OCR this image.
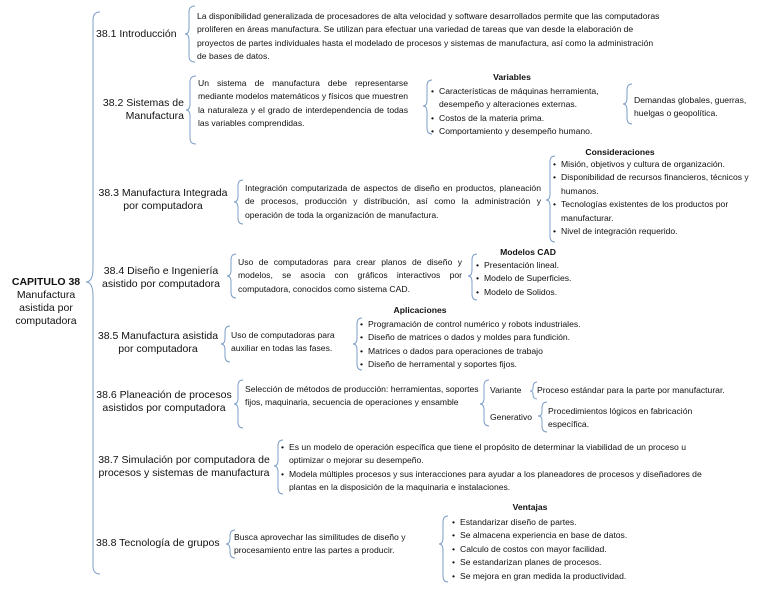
CAPITULO 38
Manufactura asistida por computadora
38.1 Introducción
La disponibilidad generalizada de procesadores de alta velocidad y software desarrollados permite que las computadoras proliferen en áreas manufactura. Se utilizan para efectuar una variedad de tareas que van desde la elaboración de proyectos de partes individuales hasta el modelado de procesos y sistemas de manufactura, así como la administración de bases de datos.
38.2 Sistemas de Manufactura
Un sistema de manufactura debe representarse mediante modelos matemáticos y físicos que muestren la naturaleza y el grado de interdependencia de todas las variables comprendidas.
Variables
• Características de máquinas herramienta, desempeño y alteraciones externas.
• Costos de la materia prima.
• Comportamiento y desempeño humano.
Demandas globales, guerras, huelgas o geopolítica.
38.3 Manufactura Integrada por computadora
Integración computarizada de aspectos de diseño en productos, planeación de procesos, producción y distribución, así como la administración y operación de toda la organización de manufactura.
Consideraciones
• Misión, objetivos y cultura de organización.
• Disponibilidad de recursos financieros, técnicos y humanos.
• Tecnologías existentes de los productos por manufacturar.
• Nivel de integración requerido.
38.4 Diseño e Ingeniería asistido por computadora
Uso de computadoras para crear planos de diseño y modelos, se asocia con gráficos interactivos por computadora, conocidos como sistema CAD.
Modelos CAD
• Presentación lineal.
• Modelo de Superficies.
• Modelo de Solidos.
38.5 Manufactura asistida por computadora
Uso de computadoras para auxiliar en todas las fases.
Aplicaciones
• Programación de control numérico y robots industriales.
• Diseño de matrices o dados y moldes para fundición.
• Matrices o dados para operaciones de trabajo
• Diseño de herramental y soportes fijos.
38.6 Planeación de procesos asistidos por computadora
Selección de métodos de producción: herramientas, soportes fijos, maquinaria, secuencia de operaciones y ensamble
Variante Proceso estándar para la parte por manufacturar.
Generativo
Procedimientos lógicos en fabricación específica.
38.7 Simulación por computadora de procesos y sistemas de manufactura
• Es un modelo de operación específica que tiene el propósito de determinar la viabilidad de un proceso u optimizar o mejorar su desempeño.
• Modela múltiples procesos y sus interacciones para ayudar a los planeadores de procesos y diseñadores de plantas en la disposición de la maquinaria e instalaciones.
38.8 Tecnología de grupos Busca aprovechar las similitudes de diseño y procesamiento entre las partes a producir.
Ventajas
• Estandarizar diseño de partes.
• Se almacena experiencia en base de datos.
• Calculo de costos con mayor facilidad.
• Se estandarizan planes de procesos.
• Se mejora en gran medida la productividad.
